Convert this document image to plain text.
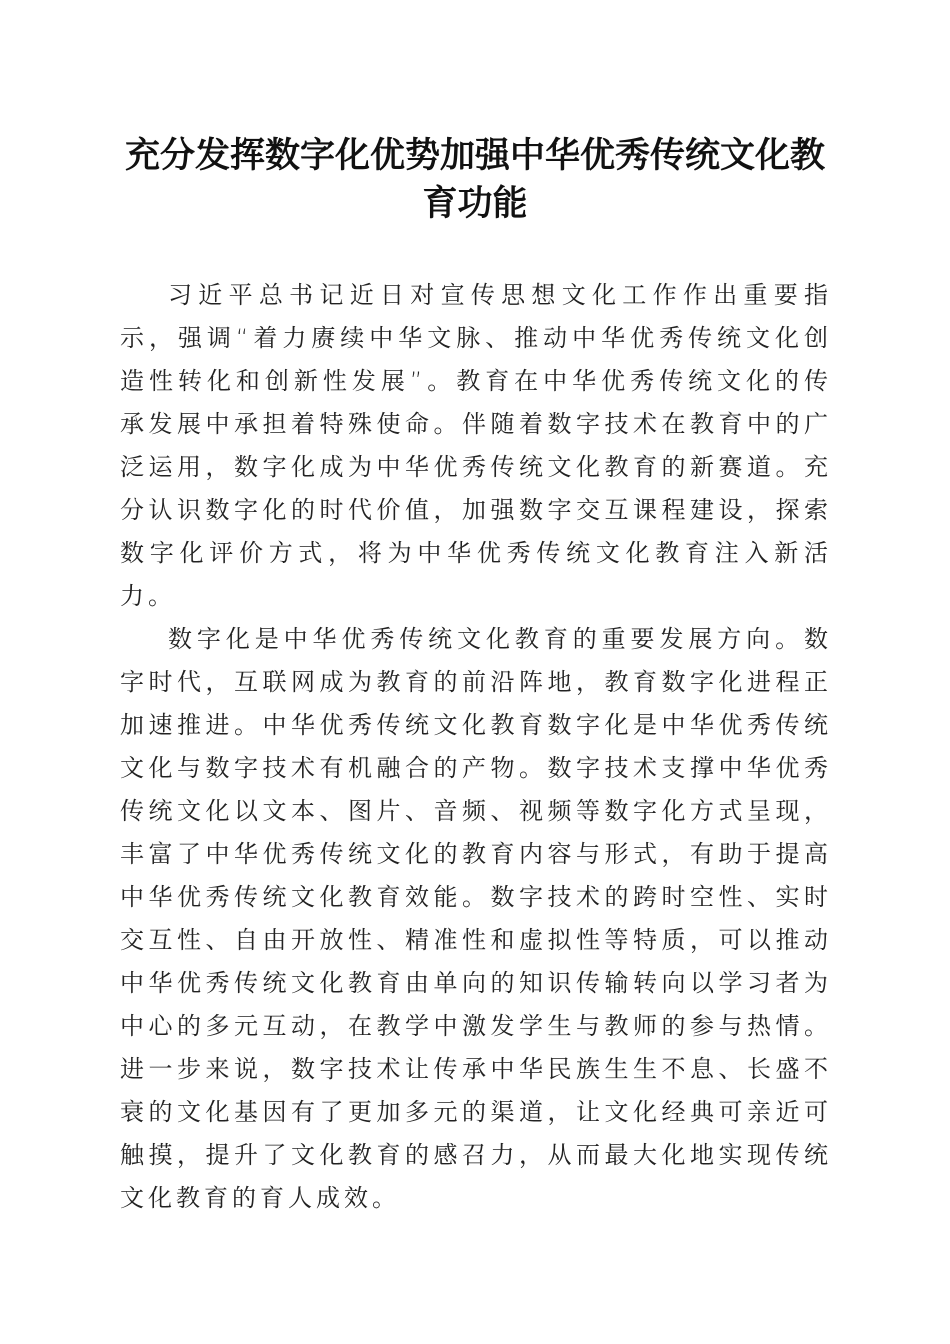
充分发挥数字化优势加强中华优秀传统文化教育功能

习近平总书记近日对宣传思想文化工作作出重要指示，强调“着力赓续中华文脉、推动中华优秀传统文化创造性转化和创新性发展”。教育在中华优秀传统文化的传承发展中承担着特殊使命。伴随着数字技术在教育中的广泛运用，数字化成为中华优秀传统文化教育的新赛道。充分认识数字化的时代价值，加强数字交互课程建设，探索数字化评价方式，将为中华优秀传统文化教育注入新活力。

数字化是中华优秀传统文化教育的重要发展方向。数字时代，互联网成为教育的前沿阵地，教育数字化进程正加速推进。中华优秀传统文化教育数字化是中华优秀传统文化与数字技术有机融合的产物。数字技术支撑中华优秀传统文化以文本、图片、音频、视频等数字化方式呈现，丰富了中华优秀传统文化的教育内容与形式，有助于提高中华优秀传统文化教育效能。数字技术的跨时空性、实时交互性、自由开放性、精准性和虚拟性等特质，可以推动中华优秀传统文化教育由单向的知识传输转向以学习者为中心的多元互动，在教学中激发学生与教师的参与热情。进一步来说，数字技术让传承中华民族生生不息、长盛不衰的文化基因有了更加多元的渠道，让文化经典可亲近可触摸，提升了文化教育的感召力，从而最大化地实现传统文化教育的育人成效。
